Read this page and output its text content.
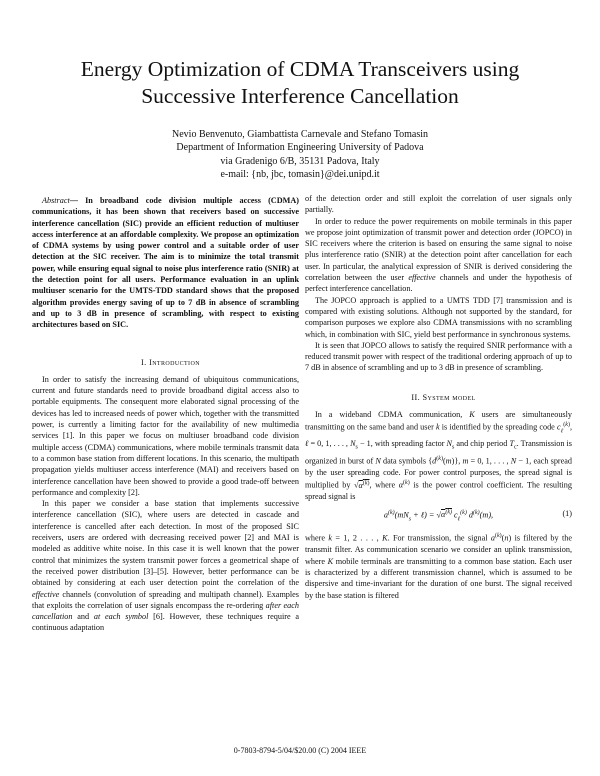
Energy Optimization of CDMA Transceivers using
Successive Interference Cancellation
Nevio Benvenuto, Giambattista Carnevale and Stefano Tomasin
Department of Information Engineering University of Padova
via Gradenigo 6/B, 35131 Padova, Italy
e-mail: {nb, jbc, tomasin}@dei.unipd.it

Abstract— In broadband code division multiple access (CDMA) communications, it has been shown that receivers based on successive interference cancellation (SIC) provide an efficient reduction of multiuser access interference at an affordable complexity. We propose an optimization of CDMA systems by using power control and a suitable order of user detection at the SIC receiver. The aim is to minimize the total transmit power, while ensuring equal signal to noise plus interference ratio (SNIR) at the detection point for all users. Performance evaluation in an uplink multiuser scenario for the UMTS-TDD standard shows that the proposed algorithm provides energy saving of up to 7 dB in absence of scrambling and up to 3 dB in presence of scrambling, with respect to existing architectures based on SIC.

I. Introduction

In order to satisfy the increasing demand of ubiquitous communications, current and future standards need to provide broadband digital access also to portable equipments. The consequent more elaborated signal processing of the devices has led to increased needs of power which, together with the transmitted power, is currently a limiting factor for the availability of new multimedia services [1]. In this paper we focus on multiuser broadband code division multiple access (CDMA) communications, where mobile terminals transmit data to a common base station from different locations. In this scenario, the multipath propagation yields multiuser access interference (MAI) and receivers based on interference cancellation have been showed to provide a good trade-off between performance and complexity [2].

In this paper we consider a base station that implements successive interference cancellation (SIC), where users are detected in cascade and interference is cancelled after each detection. In most of the proposed SIC receivers, users are ordered with decreasing received power [2] and MAI is modeled as additive white noise. In this case it is well known that the power control that minimizes the system transmit power forces a geometrical shape of the received power distribution [3]–[5]. However, better performance can be obtained by considering at each user detection point the correlation of the effective channels (convolution of spreading and multipath channel). Examples that exploits the correlation of user signals encompass the re-ordering after each cancellation and at each symbol [6]. However, these techniques require a continuous adaptation

of the detection order and still exploit the correlation of user signals only partially.

In order to reduce the power requirements on mobile terminals in this paper we propose joint optimization of transmit power and detection order (JOPCO) in SIC receivers where the criterion is based on ensuring the same signal to noise plus interference ratio (SNIR) at the detection point after cancellation for each user. In particular, the analytical expression of SNIR is derived considering the correlation between the user effective channels and under the hypothesis of perfect interference cancellation.

The JOPCO approach is applied to a UMTS TDD [7] transmission and is compared with existing solutions. Although not supported by the standard, for comparison purposes we explore also CDMA transmissions with no scrambling which, in combination with SIC, yield best performance in synchronous systems.

It is seen that JOPCO allows to satisfy the required SNIR performance with a reduced transmit power with respect of the traditional ordering approach of up to 7 dB in absence of scrambling and up to 3 dB in presence of scrambling.

II. System model

In a wideband CDMA communication, K users are simultaneously transmitting on the same band and user k is identified by the spreading code $c_\ell^{(k)}$, ℓ = 0, 1, . . . , $N_s - 1$, with spreading factor $N_s$ and chip period $T_c$. Transmission is organized in burst of N data symbols $\{d^{(k)}(m)\}$, m = 0, 1, . . . , N − 1, each spread by the user spreading code. For power control purposes, the spread signal is multiplied by $√\alpha^{(k)}$, where $\alpha^{(k)}$ is the power control coefficient. The resulting spread signal is

$a^{(k)}(mN_s$ + ℓ) = $√\alpha^{(k)}$ $c_\ell^{(k)}$ $d^{(k)}(m)$,	(1)

where k = 1, 2 . . . , K. For transmission, the signal $a^{(k)}(n)$ is filtered by the transmit filter. As communication scenario we consider an uplink transmission, where K mobile terminals are transmitting to a common base station. Each user is characterized by a different transmission channel, which is assumed to be dispersive and time-invariant for the duration of one burst. The signal received by the base station is filtered

0-7803-8794-5/04/$20.00 (C) 2004 IEEE
